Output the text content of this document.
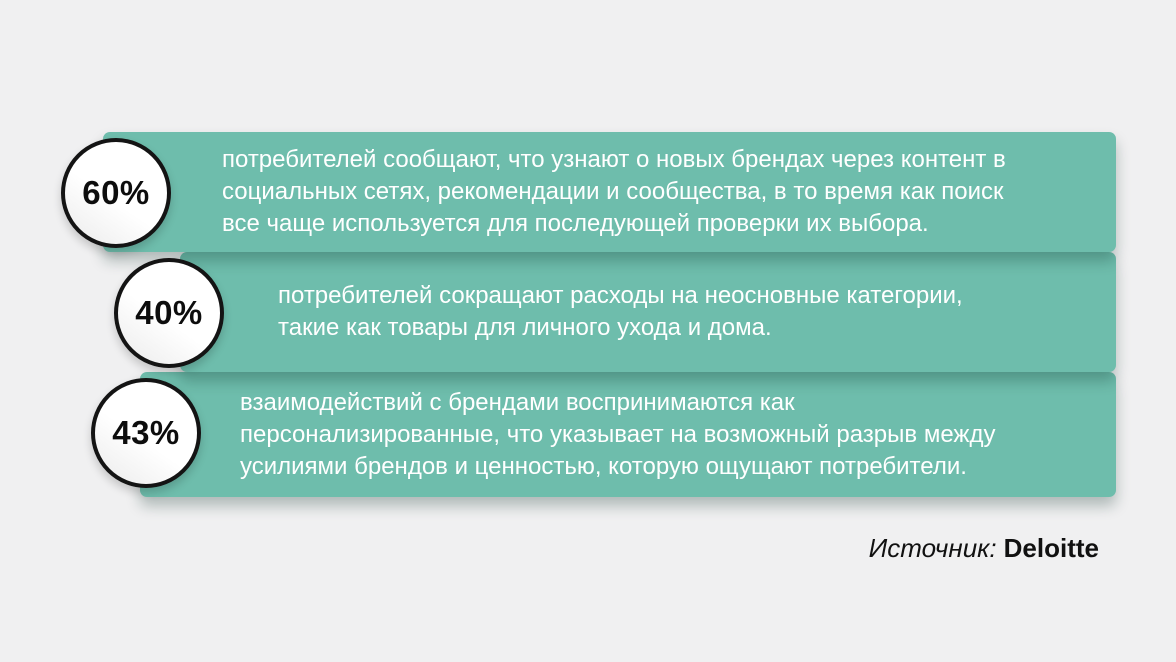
потребителей сообщают, что узнают о новых брендах через контент в
социальных сетях, рекомендации и сообщества, в то время как поиск
все чаще используется для последующей проверки их выбора.
потребителей сокращают расходы на неосновные категории,
такие как товары для личного ухода и дома.
взаимодействий с брендами воспринимаются как
персонализированные, что указывает на возможный разрыв между
усилиями брендов и ценностью, которую ощущают потребители.
60%
40%
43%
Источник: Deloitte
